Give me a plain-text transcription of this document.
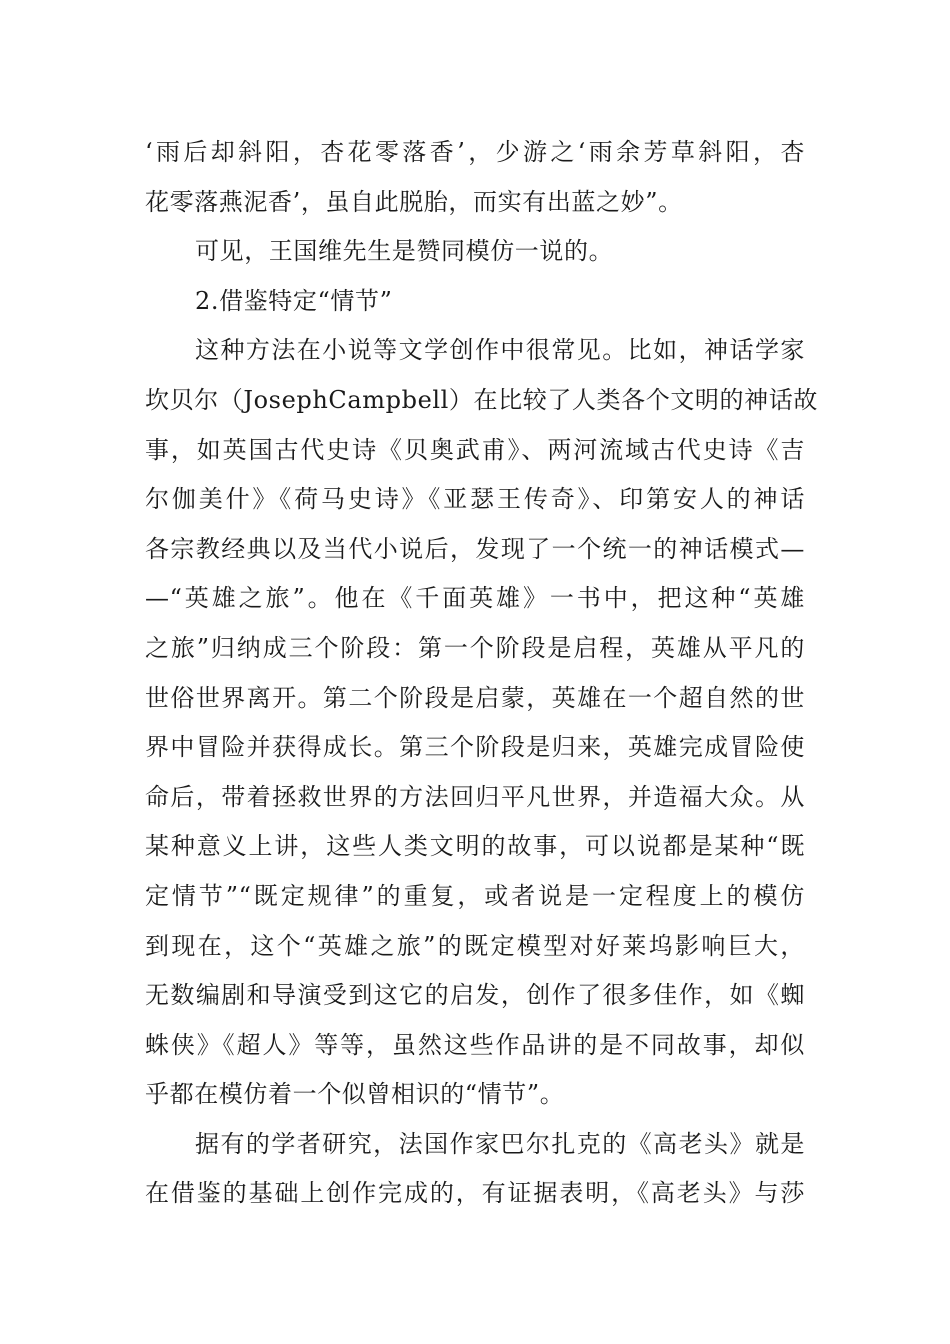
‘雨后却斜阳，杏花零落香’，少游之‘雨余芳草斜阳，杏
花零落燕泥香’，虽自此脱胎，而实有出蓝之妙”。
可见，王国维先生是赞同模仿一说的。
2.借鉴特定“情节”
这种方法在小说等文学创作中很常见。比如，神话学家
坎贝尔（JosephCampbell）在比较了人类各个文明的神话故
事，如英国古代史诗《贝奥武甫》、两河流域古代史诗《吉
尔伽美什》《荷马史诗》《亚瑟王传奇》、印第安人的神话
各宗教经典以及当代小说后，发现了一个统一的神话模式—
—“英雄之旅”。他在《千面英雄》一书中，把这种“英雄
之旅”归纳成三个阶段：第一个阶段是启程，英雄从平凡的
世俗世界离开。第二个阶段是启蒙，英雄在一个超自然的世
界中冒险并获得成长。第三个阶段是归来，英雄完成冒险使
命后，带着拯救世界的方法回归平凡世界，并造福大众。从
某种意义上讲，这些人类文明的故事，可以说都是某种“既
定情节”“既定规律”的重复，或者说是一定程度上的模仿
到现在，这个“英雄之旅”的既定模型对好莱坞影响巨大，
无数编剧和导演受到这它的启发，创作了很多佳作，如《蜘
蛛侠》《超人》等等，虽然这些作品讲的是不同故事，却似
乎都在模仿着一个似曾相识的“情节”。
据有的学者研究，法国作家巴尔扎克的《高老头》就是
在借鉴的基础上创作完成的，有证据表明，《高老头》与莎
